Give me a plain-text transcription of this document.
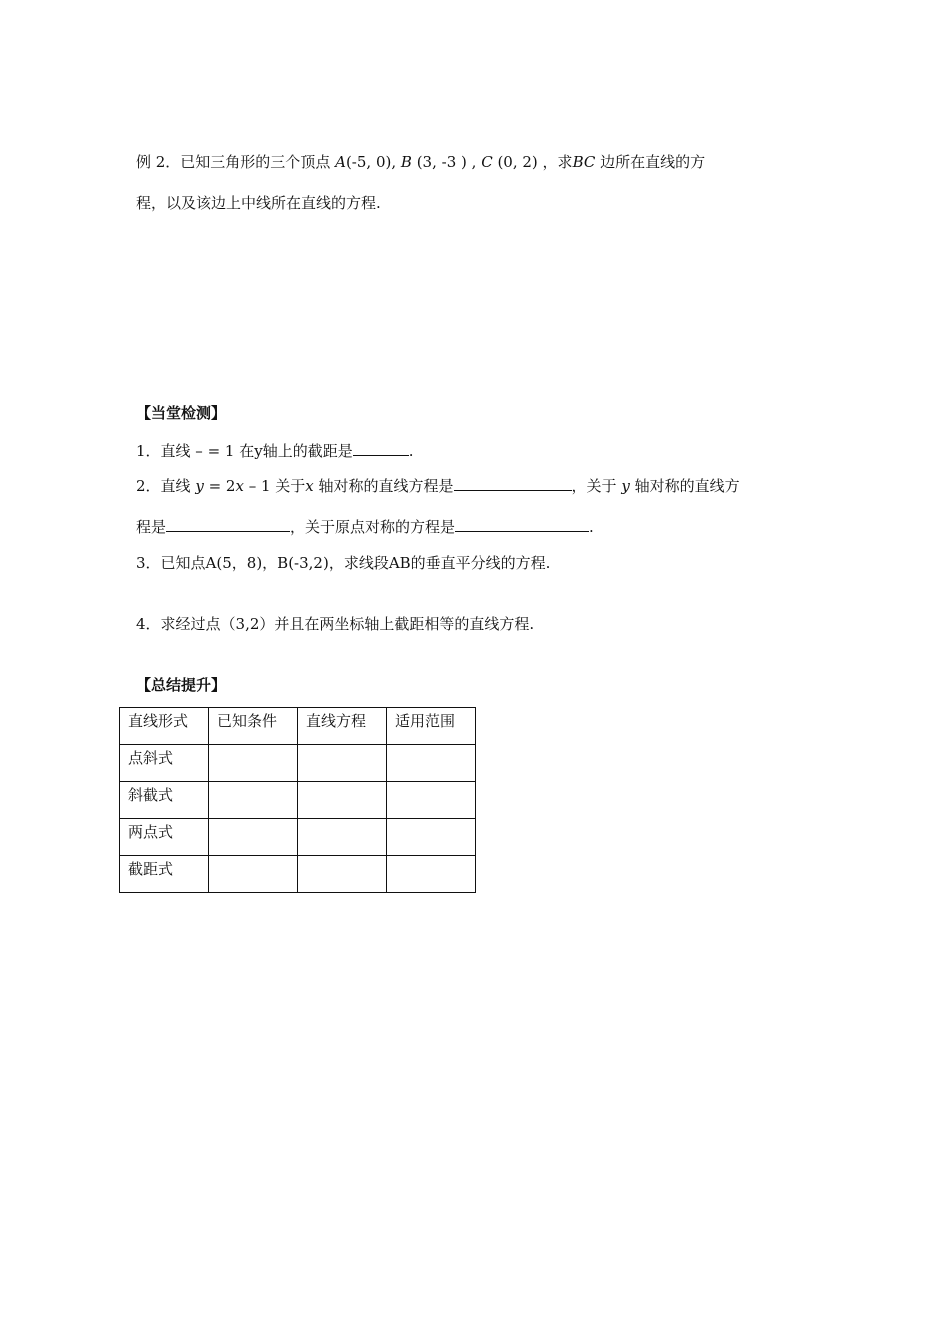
例 2．已知三角形的三个顶点 A(-5, 0), B (3, -3 ) , C (0, 2) ，求BC 边所在直线的方
程，以及该边上中线所在直线的方程.
【当堂检测】
1．直线 – = 1 在y轴上的截距是	.
2．直线 y = 2x – 1 关于x 轴对称的直线方程是	，关于 y 轴对称的直线方
程是	，关于原点对称的方程是	.
3．已知点A(5，8)，B(-3,2)，求线段AB的垂直平分线的方程.
4．求经过点（3,2）并且在两坐标轴上截距相等的直线方程.
【总结提升】
直线形式	已知条件	直线方程	适用范围
点斜式			
斜截式			
两点式			
截距式			
